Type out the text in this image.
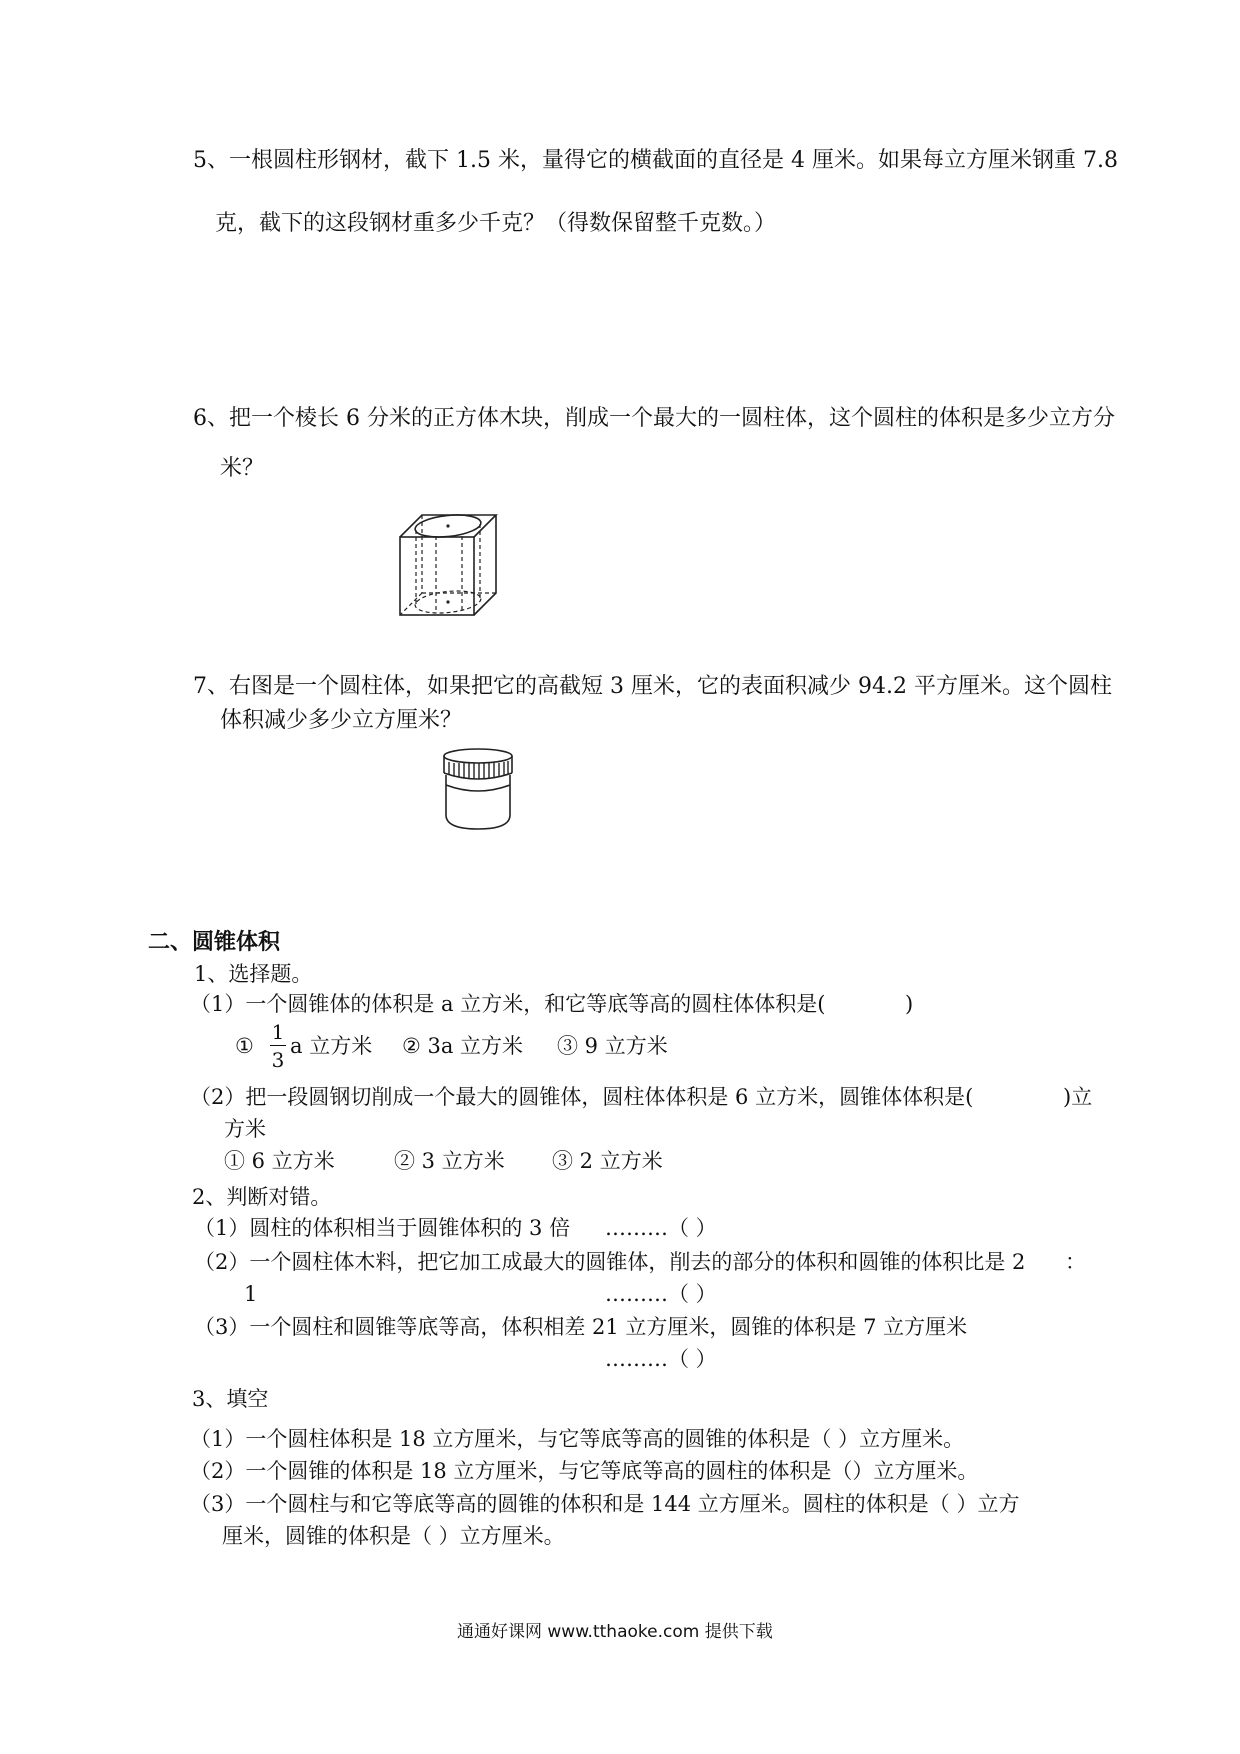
5、一根圆柱形钢材，截下 1.5 米，量得它的横截面的直径是 4 厘米。如果每立方厘米钢重 7.8
克，截下的这段钢材重多少千克？（得数保留整千克数。）
6、把一个棱长 6 分米的正方体木块，削成一个最大的一圆柱体，这个圆柱的体积是多少立方分
米？
7、右图是一个圆柱体，如果把它的高截短 3 厘米，它的表面积减少 94.2 平方厘米。这个圆柱
体积减少多少立方厘米？
二、圆锥体积
1、选择题。
（1）一个圆锥体的体积是 a 立方米，和它等底等高的圆柱体体积是(	)
①
1
3
a 立方米 ② 3a 立方米 ③ 9 立方米
（2）把一段圆钢切削成一个最大的圆锥体，圆柱体体积是 6 立方米，圆锥体体积是(	)立
方米
① 6 立方米	② 3 立方米 ③ 2 立方米
2、判断对错。
（1）圆柱的体积相当于圆锥体积的 3 倍 ………（ ）
（2）一个圆柱体木料，把它加工成最大的圆锥体，削去的部分的体积和圆锥的体积比是 2 ：
1	………（ ）
（3）一个圆柱和圆锥等底等高，体积相差 21 立方厘米，圆锥的体积是 7 立方厘米
………（ ）
3、填空
（1）一个圆柱体积是 18 立方厘米，与它等底等高的圆锥的体积是（ ）立方厘米。
（2）一个圆锥的体积是 18 立方厘米，与它等底等高的圆柱的体积是（）立方厘米。
（3）一个圆柱与和它等底等高的圆锥的体积和是 144 立方厘米。圆柱的体积是（ ）立方
厘米，圆锥的体积是（ ）立方厘米。
通通好课网 www.tthaoke.com 提供下载
